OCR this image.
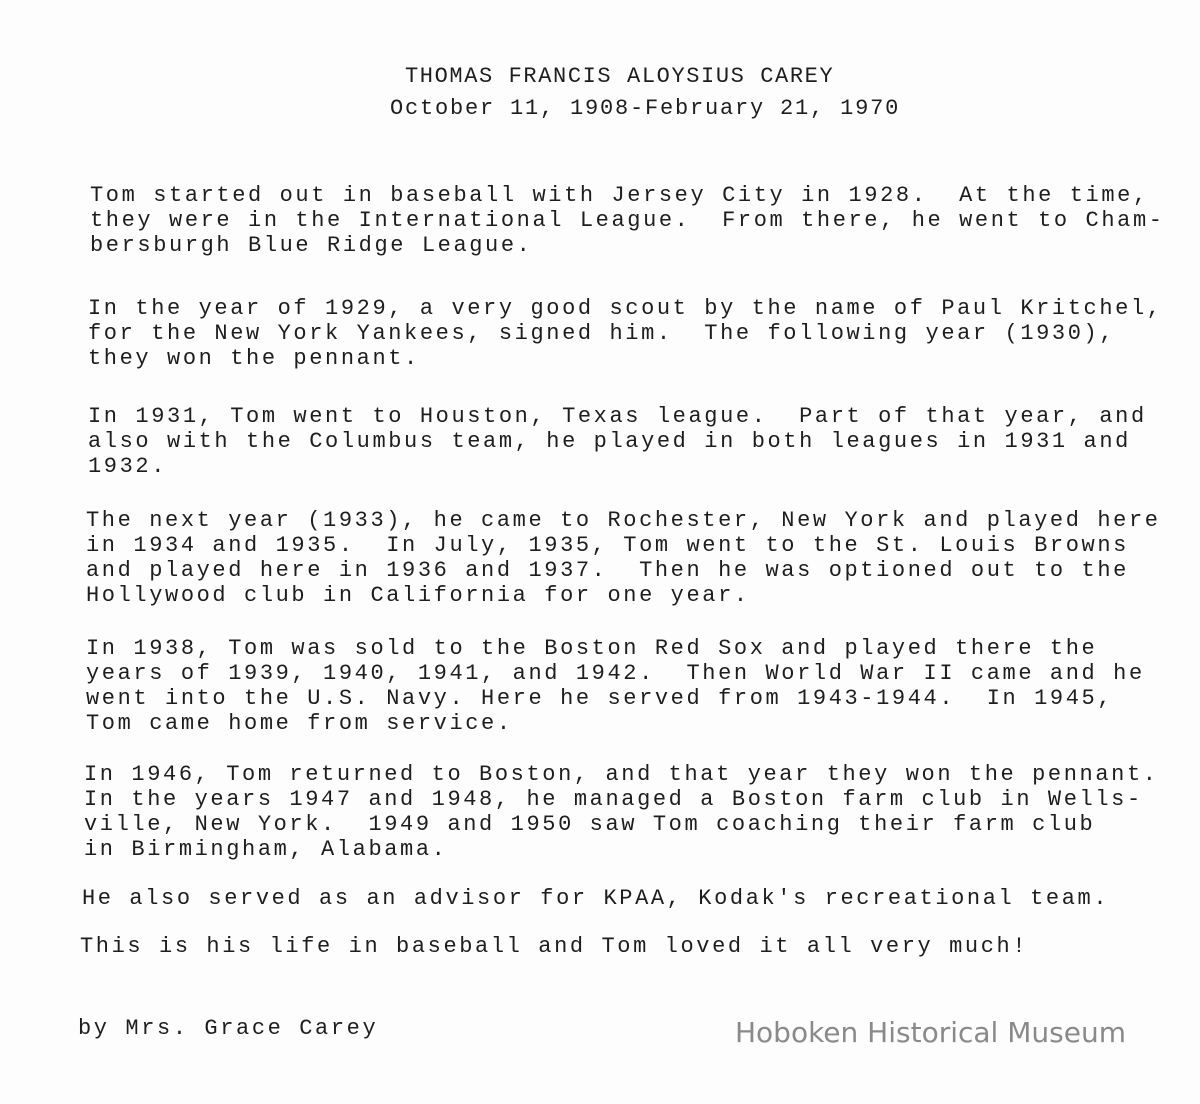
THOMAS FRANCIS ALOYSIUS CAREY
October 11, 1908-February 21, 1970
Tom started out in baseball with Jersey City in 1928.  At the time,
they were in the International League.  From there, he went to Cham-
bersburgh Blue Ridge League.
In the year of 1929, a very good scout by the name of Paul Kritchel,
for the New York Yankees, signed him.  The following year (1930),
they won the pennant.
In 1931, Tom went to Houston, Texas league.  Part of that year, and
also with the Columbus team, he played in both leagues in 1931 and
1932.
The next year (1933), he came to Rochester, New York and played here
in 1934 and 1935.  In July, 1935, Tom went to the St. Louis Browns
and played here in 1936 and 1937.  Then he was optioned out to the
Hollywood club in California for one year.
In 1938, Tom was sold to the Boston Red Sox and played there the
years of 1939, 1940, 1941, and 1942.  Then World War II came and he
went into the U.S. Navy. Here he served from 1943-1944.  In 1945,
Tom came home from service.
In 1946, Tom returned to Boston, and that year they won the pennant.
In the years 1947 and 1948, he managed a Boston farm club in Wells-
ville, New York.  1949 and 1950 saw Tom coaching their farm club
in Birmingham, Alabama.
He also served as an advisor for KPAA, Kodak's recreational team.
This is his life in baseball and Tom loved it all very much!
by Mrs. Grace Carey	Hoboken Historical Museum
